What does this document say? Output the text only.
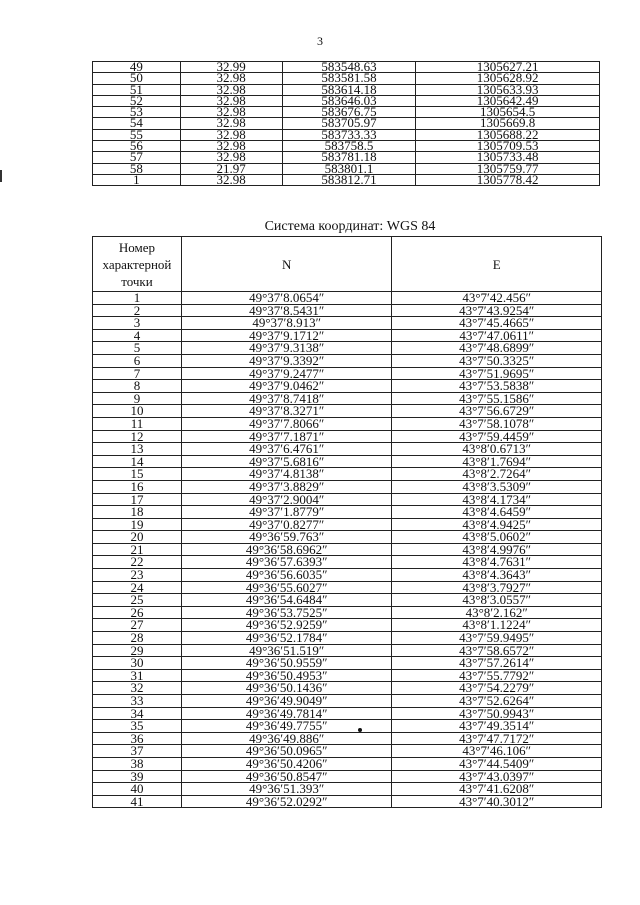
3
49	32.99	583548.63	1305627.21
50	32.98	583581.58	1305628.92
51	32.98	583614.18	1305633.93
52	32.98	583646.03	1305642.49
53	32.98	583676.75	1305654.5
54	32.98	583705.97	1305669.8
55	32.98	583733.33	1305688.22
56	32.98	583758.5	1305709.53
57	32.98	583781.18	1305733.48
58	21.97	583801.1	1305759.77
1	32.98	583812.71	1305778.42
Система координат: WGS 84
Номер характерной точки	N	E
1	49°37′8.0654″	43°7′42.456″
2	49°37′8.5431″	43°7′43.9254″
3	49°37′8.913″	43°7′45.4665″
4	49°37′9.1712″	43°7′47.0611″
5	49°37′9.3138″	43°7′48.6899″
6	49°37′9.3392″	43°7′50.3325″
7	49°37′9.2477″	43°7′51.9695″
8	49°37′9.0462″	43°7′53.5838″
9	49°37′8.7418″	43°7′55.1586″
10	49°37′8.3271″	43°7′56.6729″
11	49°37′7.8066″	43°7′58.1078″
12	49°37′7.1871″	43°7′59.4459″
13	49°37′6.4761″	43°8′0.6713″
14	49°37′5.6816″	43°8′1.7694″
15	49°37′4.8138″	43°8′2.7264″
16	49°37′3.8829″	43°8′3.5309″
17	49°37′2.9004″	43°8′4.1734″
18	49°37′1.8779″	43°8′4.6459″
19	49°37′0.8277″	43°8′4.9425″
20	49°36′59.763″	43°8′5.0602″
21	49°36′58.6962″	43°8′4.9976″
22	49°36′57.6393″	43°8′4.7631″
23	49°36′56.6035″	43°8′4.3643″
24	49°36′55.6027″	43°8′3.7927″
25	49°36′54.6484″	43°8′3.0557″
26	49°36′53.7525″	43°8′2.162″
27	49°36′52.9259″	43°8′1.1224″
28	49°36′52.1784″	43°7′59.9495″
29	49°36′51.519″	43°7′58.6572″
30	49°36′50.9559″	43°7′57.2614″
31	49°36′50.4953″	43°7′55.7792″
32	49°36′50.1436″	43°7′54.2279″
33	49°36′49.9049″	43°7′52.6264″
34	49°36′49.7814″	43°7′50.9943″
35	49°36′49.7755″	43°7′49.3514″
36	49°36′49.886″	43°7′47.7172″
37	49°36′50.0965″	43°7′46.106″
38	49°36′50.4206″	43°7′44.5409″
39	49°36′50.8547″	43°7′43.0397″
40	49°36′51.393″	43°7′41.6208″
41	49°36′52.0292″	43°7′40.3012″
